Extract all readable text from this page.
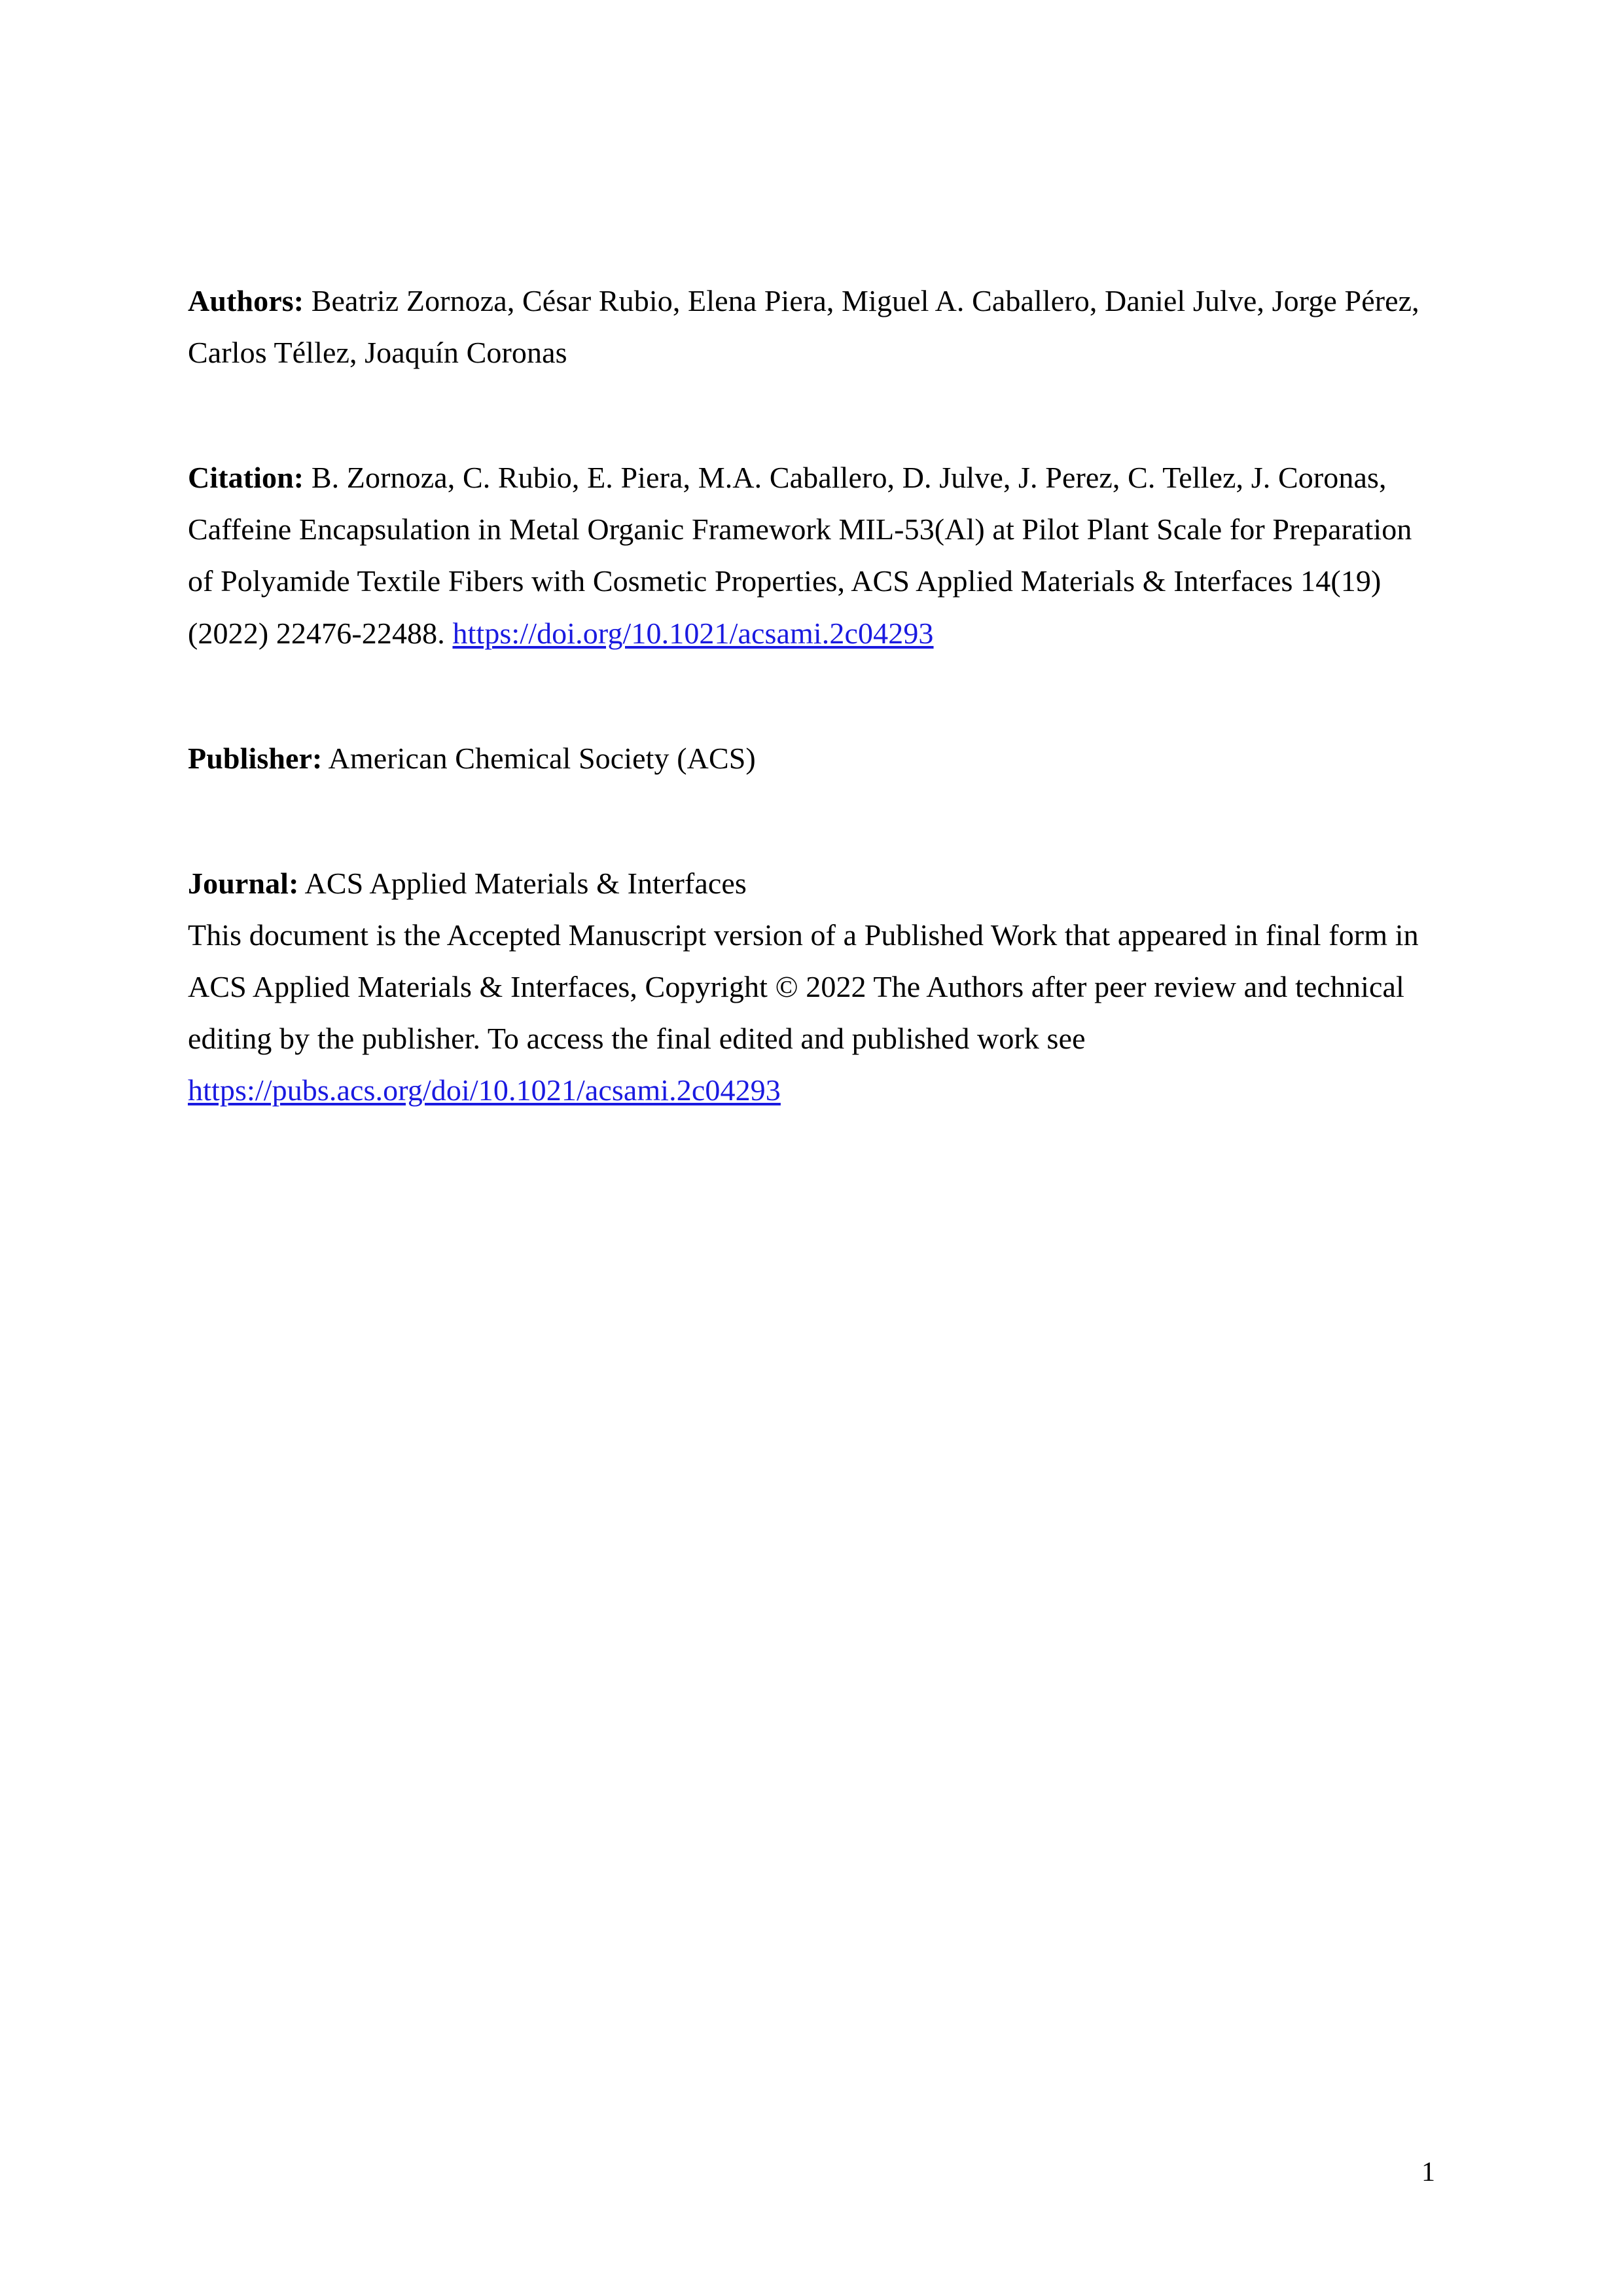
Authors: Beatriz Zornoza, César Rubio, Elena Piera, Miguel A. Caballero, Daniel Julve, Jorge Pérez, Carlos Téllez, Joaquín Coronas

Citation: B. Zornoza, C. Rubio, E. Piera, M.A. Caballero, D. Julve, J. Perez, C. Tellez, J. Coronas, Caffeine Encapsulation in Metal Organic Framework MIL-53(Al) at Pilot Plant Scale for Preparation of Polyamide Textile Fibers with Cosmetic Properties, ACS Applied Materials & Interfaces 14(19) (2022) 22476-22488. https://doi.org/10.1021/acsami.2c04293

Publisher: American Chemical Society (ACS)

Journal: ACS Applied Materials & Interfaces

This document is the Accepted Manuscript version of a Published Work that appeared in final form in ACS Applied Materials & Interfaces, Copyright © 2022 The Authors after peer review and technical editing by the publisher. To access the final edited and published work see

https://pubs.acs.org/doi/10.1021/acsami.2c04293

1
